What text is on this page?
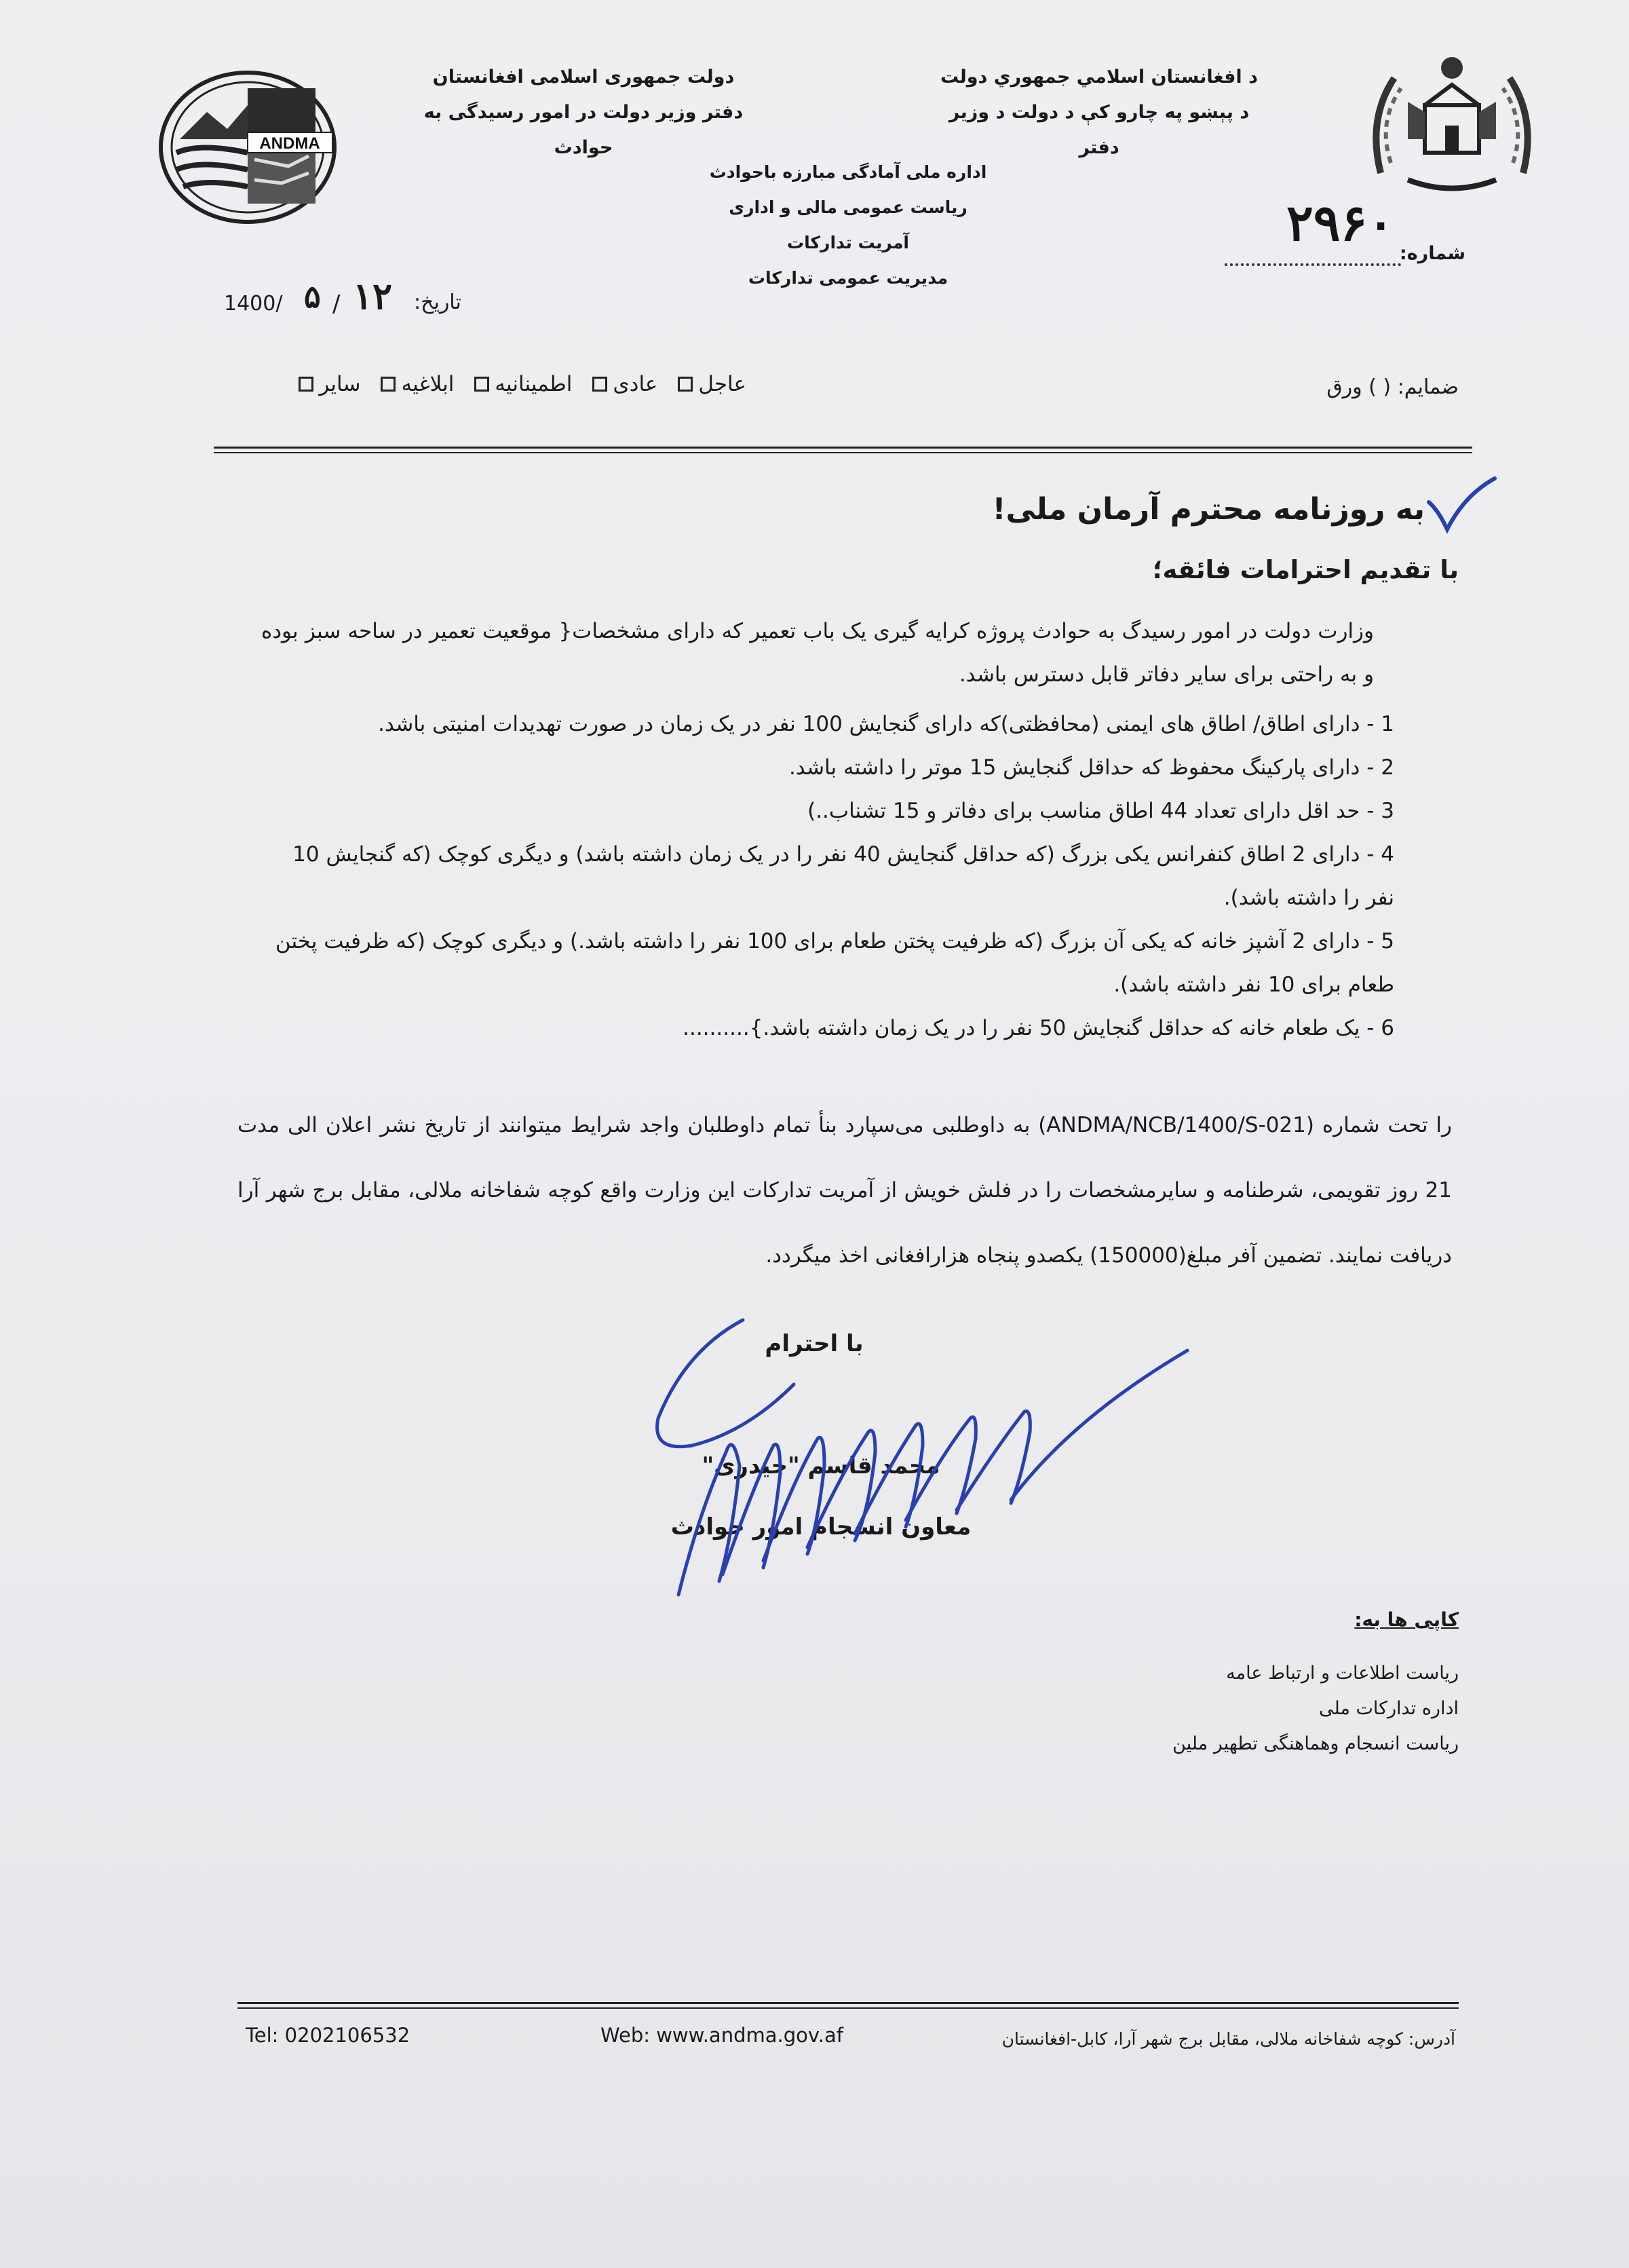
ANDMA
د افغانستان اسلامي جمهوري دولت
د پېښو په چارو کې د دولت د وزیر دفتر
دولت جمهوری اسلامی افغانستان
دفتر وزیر دولت در امور رسیدگی به حوادث
اداره ملی آمادگی مبارزه باحوادث
ریاست عمومی مالی و اداری
آمریت تدارکات
مدیریت عمومی تدارکات
شماره:
۲۹۶۰
1400/ ۵ / ۱۲ تاریخ:
عاجل
عادی
اطمینانیه
ابلاغیه
سایر	ضمایم: ( ) ورق
به روزنامه محترم آرمان ملی!
با تقدیم احترامات فائقه؛
وزارت دولت در امور رسیدگ به حوادث پروژه کرایه گیری یک باب تعمیر که دارای مشخصات{ موقعیت تعمیر در ساحه سبز بوده و به راحتی برای سایر دفاتر قابل دسترس باشد.
1 - دارای اطاق/ اطاق های ایمنی (محافظتی)که دارای گنجایش 100 نفر در یک زمان در صورت تهدیدات امنیتی باشد.
2 - دارای پارکینگ محفوظ که حداقل گنجایش 15 موتر را داشته باشد.
3 - حد اقل دارای تعداد 44 اطاق مناسب برای دفاتر و 15 تشناب..)
4 - دارای 2 اطاق کنفرانس یکی بزرگ (که حداقل گنجایش 40 نفر را در یک زمان داشته باشد) و دیگری کوچک (که گنجایش 10 نفر را داشته باشد).
5 - دارای 2 آشپز خانه که یکی آن بزرگ (که ظرفیت پختن طعام برای 100 نفر را داشته باشد.) و دیگری کوچک (که ظرفیت پختن طعام برای 10 نفر داشته باشد).
6 - یک طعام خانه که حداقل گنجایش 50 نفر را در یک زمان داشته باشد.}..........
را تحت شماره (ANDMA/NCB/1400/S-021) به داوطلبی می‌سپارد بنأ تمام داوطلبان واجد شرایط میتوانند از تاریخ نشر اعلان الی مدت 21 روز تقویمی، شرطنامه و سایرمشخصات را در فلش خویش از آمریت تدارکات این وزارت واقع کوچه شفاخانه ملالی، مقابل برج شهر آرا دریافت نمایند. تضمین آفر مبلغ(150000) یکصدو پنجاه هزارافغانی اخذ میگردد.
با احترام
محمد قاسم "حیدری"
معاون انسجام امور حوادث
کاپی ها به:
ریاست اطلاعات و ارتباط عامه
اداره تدارکات ملی
ریاست انسجام وهماهنگی تطهیر ملین
Tel: 0202106532	Web: www.andma.gov.af	آدرس: کوچه شفاخانه ملالی، مقابل برج شهر آرا، کابل-افغانستان
